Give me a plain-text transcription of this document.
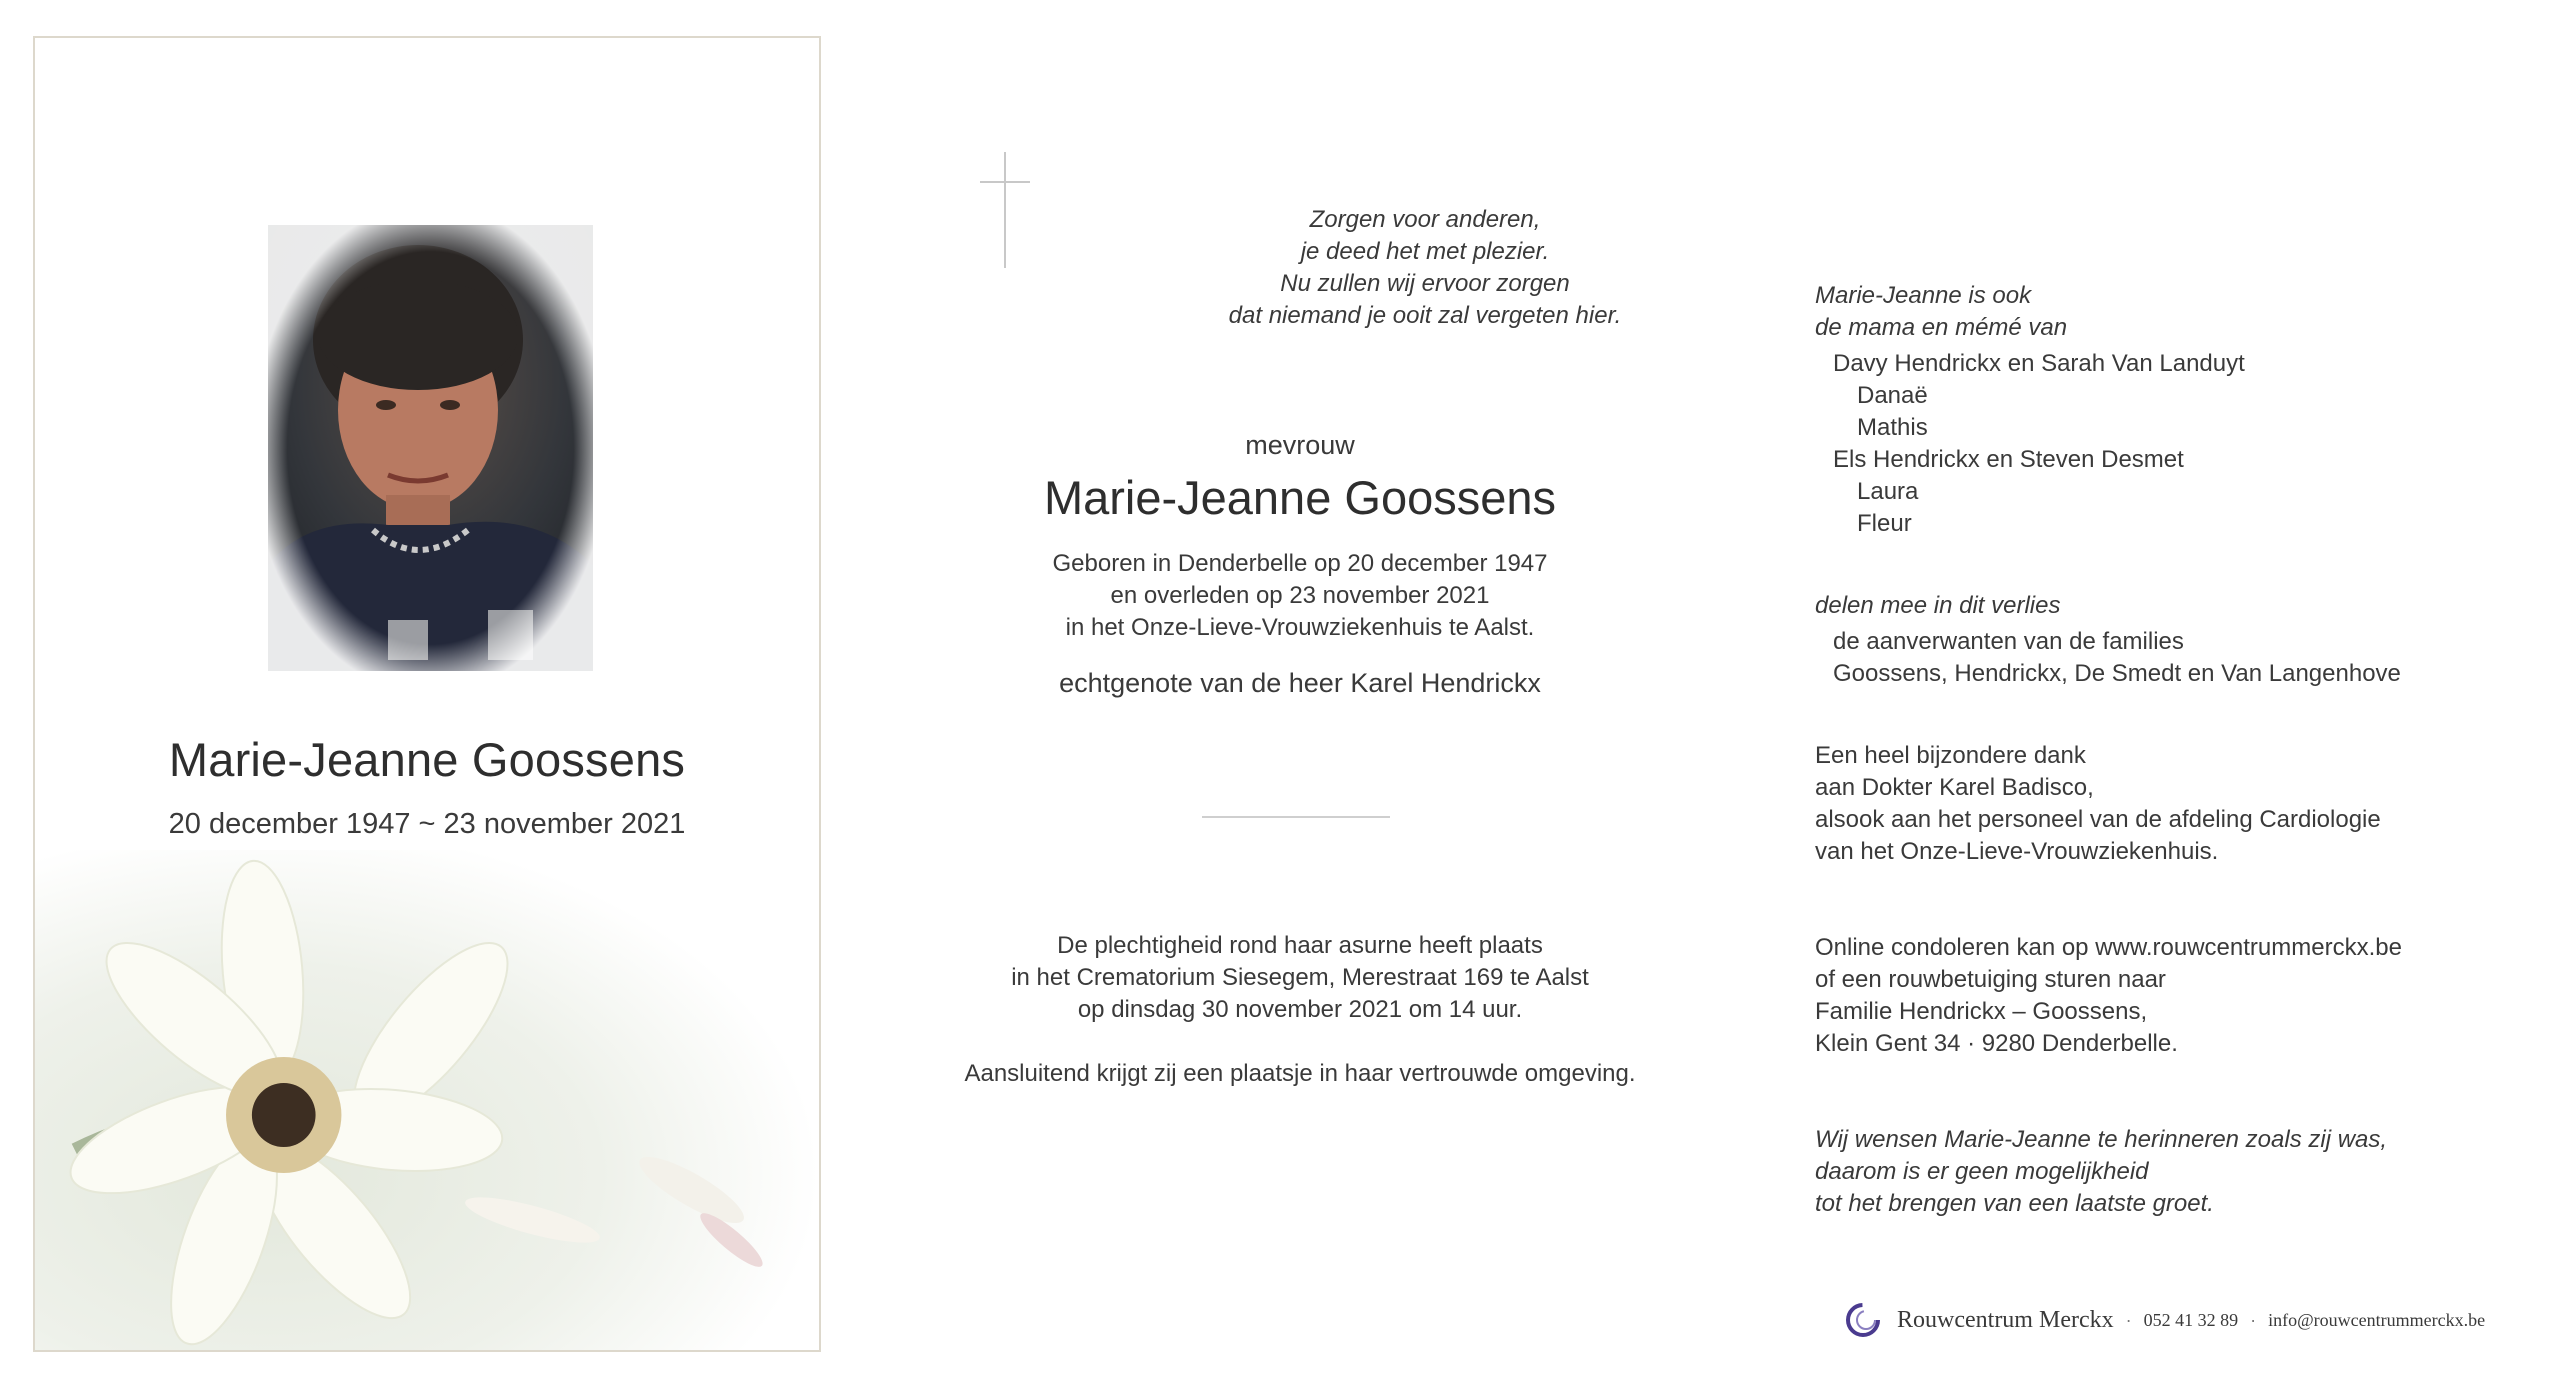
Marie-Jeanne Goossens
20 december 1947 ~ 23 november 2021
Zorgen voor anderen,
je deed het met plezier.
Nu zullen wij ervoor zorgen
dat niemand je ooit zal vergeten hier.
mevrouw
Marie-Jeanne Goossens
Geboren in Denderbelle op 20 december 1947
en overleden op 23 november 2021
in het Onze-Lieve-Vrouwziekenhuis te Aalst.
echtgenote van de heer Karel Hendrickx
De plechtigheid rond haar asurne heeft plaats
in het Crematorium Siesegem, Merestraat 169 te Aalst
op dinsdag 30 november 2021 om 14 uur.
Aansluitend krijgt zij een plaatsje in haar vertrouwde omgeving.
Marie-Jeanne is ook
de mama en mémé van
Davy Hendrickx en Sarah Van Landuyt
Danaë
Mathis
Els Hendrickx en Steven Desmet
Laura
Fleur
delen mee in dit verlies
de aanverwanten van de families
Goossens, Hendrickx, De Smedt en Van Langenhove
Een heel bijzondere dank
aan Dokter Karel Badisco,
alsook aan het personeel van de afdeling Cardiologie
van het Onze-Lieve-Vrouwziekenhuis.
Online condoleren kan op www.rouwcentrummerckx.be
of een rouwbetuiging sturen naar
Familie Hendrickx – Goossens,
Klein Gent 34 · 9280 Denderbelle.
Wij wensen Marie-Jeanne te herinneren zoals zij was,
daarom is er geen mogelijkheid
tot het brengen van een laatste groet.
Rouwcentrum Merckx · 052 41 32 89 · info@rouwcentrummerckx.be
